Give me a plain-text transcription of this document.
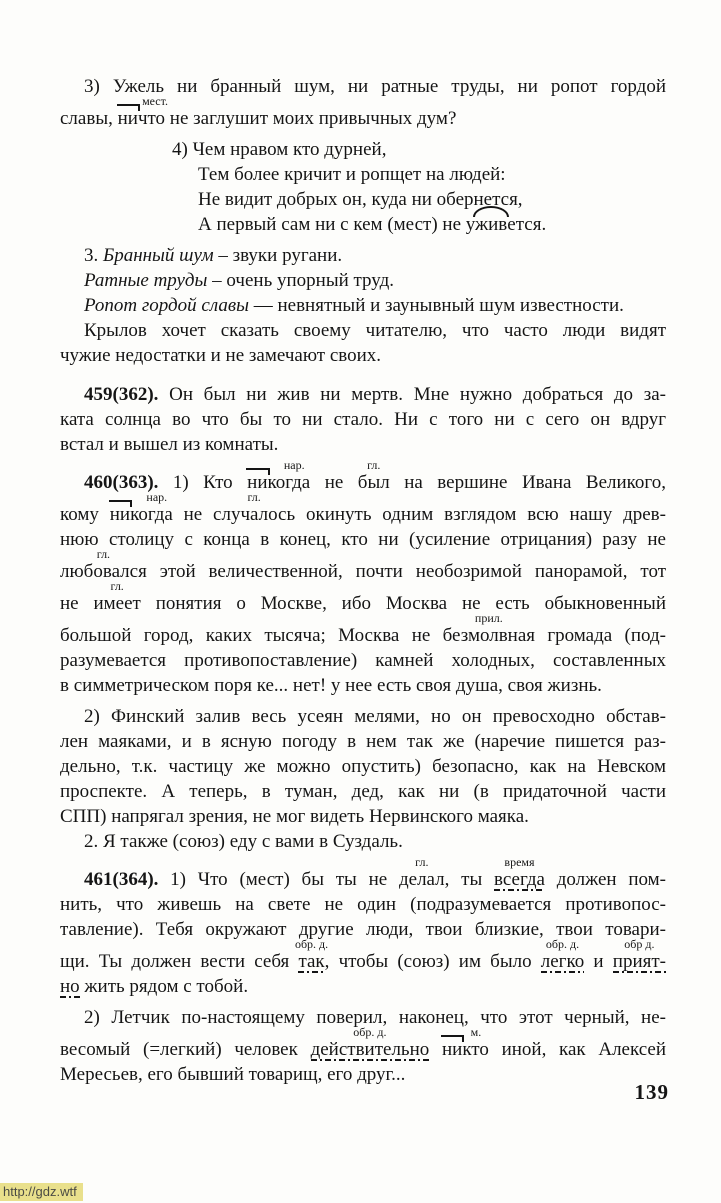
3) Ужель ни бранный шум, ни ратные труды, ни ропот гордой
славы, ничто
мест.
не заглушит моих привычных дум?
4) Чем нравом кто дурней,
Тем более кричит и ропщет на людей:
Не видит добрых он, куда ни обернется,
А первый сам ни с кем (мест) не уживется.
3. Бранный шум – звуки ругани.
Ратные труды – очень упорный труд.
Ропот гордой славы — невнятный и заунывный шум известности.
Крылов хочет сказать своему читателю, что часто люди видят
чужие недостатки и не замечают своих.
459(362). Он был ни жив ни мертв. Мне нужно добраться до за-
ката солнца во что бы то ни стало. Ни с того ни с сего он вдруг
встал и вышел из комнаты.
460(363). 1) Кто никогда
нар.
не был
гл.
на вершине Ивана Великого,
кому никогда
нар.
не случалось
гл.
окинуть одним взглядом всю нашу древ-
нюю столицу с конца в конец, кто ни (усиление отрицания) разу не
любовался
гл.
этой величественной, почти необозримой панорамой, тот
не имеет
гл.
понятия о Москве, ибо Москва не есть обыкновенный
большой город, каких тысяча; Москва не безмолвная
прил.
громада (под-
разумевается противопоставление) камней холодных, составленных
в симметрическом поря ке... нет! у нее есть своя душа, своя жизнь.
2) Финский залив весь усеян мелями, но он превосходно обстав-
лен маяками, и в ясную погоду в нем так же (наречие пишется раз-
дельно, т.к. частицу же можно опустить) безопасно, как на Невском
проспекте. А теперь, в туман, дед, как ни (в придаточной части
СПП) напрягал зрения, не мог видеть Нервинского маяка.
2. Я также (союз) еду с вами в Суздаль.
461(364). 1) Что (мест) бы ты не делал
гл.
, ты всегда
время
должен пом-
нить, что живешь на свете не один (подразумевается противопос-
тавление). Тебя окружают другие люди, твои близкие, твои товари-
щи. Ты должен вести себя так
обр. д.
, чтобы (союз) им было легко
обр. д.
и прият-
обр д.
но жить рядом с тобой.
2) Летчик по-настоящему поверил, наконец, что этот черный, не-
весомый (=легкий) человек действительно
обр. д.
никто
м.
иной, как Алексей
Мересьев, его бывший товарищ, его друг...
139
http://gdz.wtf
